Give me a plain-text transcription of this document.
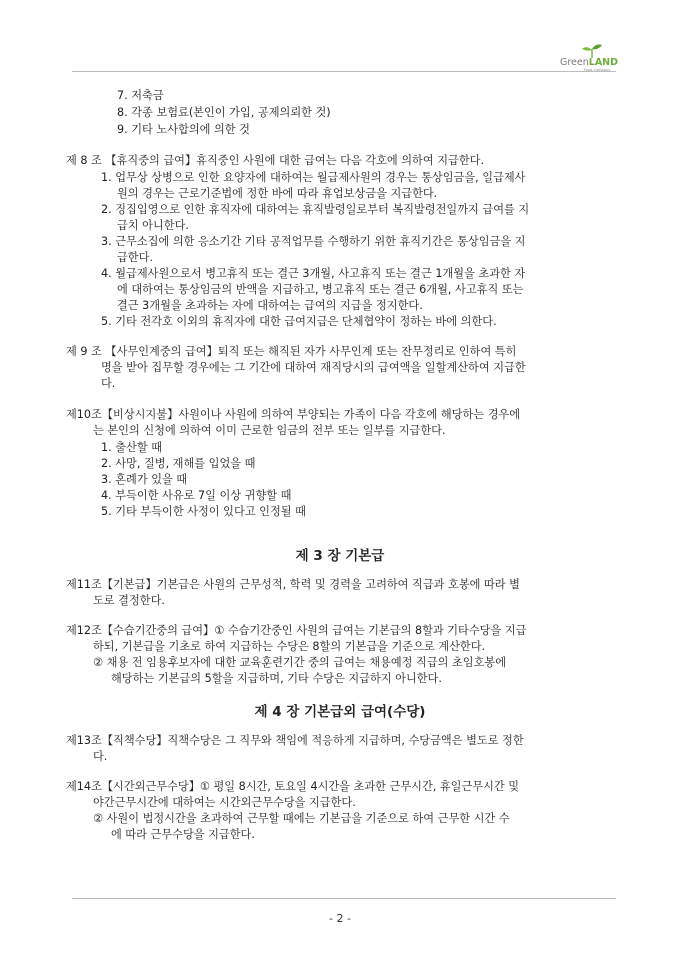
GreenLAND
Food Company
7. 저축금
8. 각종 보험료(본인이 가입, 공제의뢰한 것)
9. 기타 노사합의에 의한 것
제 8 조 【휴직중의 급여】휴직중인 사원에 대한 급여는 다음 각호에 의하여 지급한다.
1. 업무상 상병으로 인한 요양자에 대하여는 월급제사원의 경우는 통상임금을, 일급제사
원의 경우는 근로기준법에 정한 바에 따라 휴업보상금을 지급한다.
2. 징집입영으로 인한 휴직자에 대하여는 휴직발령일로부터 복직발령전일까지 급여를 지
급치 아니한다.
3. 근무소집에 의한 응소기간 기타 공적업무를 수행하기 위한 휴직기간은 통상임금을 지
급한다.
4. 월급제사원으로서 병고휴직 또는 결근 3개월, 사고휴직 또는 결근 1개월을 초과한 자
에 대하여는 통상임금의 반액을 지급하고, 병고휴직 또는 결근 6개월, 사고휴직 또는
결근 3개월을 초과하는 자에 대하여는 급여의 지급을 정지한다.
5. 기타 전각호 이외의 휴직자에 대한 급여지급은 단체협약이 정하는 바에 의한다.
제 9 조 【사무인계중의 급여】퇴직 또는 해직된 자가 사무인계 또는 잔무정리로 인하여 특히
명을 받아 집무할 경우에는 그 기간에 대하여 재직당시의 급여액을 일할계산하여 지급한
다.
제10조【비상시지불】사원이나 사원에 의하여 부양되는 가족이 다음 각호에 해당하는 경우에
는 본인의 신청에 의하여 이미 근로한 임금의 전부 또는 일부를 지급한다.
1. 출산할 때
2. 사망, 질병, 재해를 입었을 때
3. 혼례가 있을 때
4. 부득이한 사유로 7일 이상 귀향할 때
5. 기타 부득이한 사정이 있다고 인정될 때
제 3 장 기본급
제11조【기본급】기본급은 사원의 근무성적, 학력 및 경력을 고려하여 직급과 호봉에 따라 별
도로 결정한다.
제12조【수습기간중의 급여】① 수습기간중인 사원의 급여는 기본급의 8할과 기타수당을 지급
하되, 기본급을 기초로 하여 지급하는 수당은 8할의 기본급을 기준으로 계산한다.
② 채용 전 임용후보자에 대한 교육훈련기간 중의 급여는 채용예정 직급의 초임호봉에
해당하는 기본급의 5할을 지급하며, 기타 수당은 지급하지 아니한다.
제 4 장 기본급외 급여(수당)
제13조【직책수당】직책수당은 그 직무와 책임에 적응하게 지급하며, 수당금액은 별도로 정한
다.
제14조【시간외근무수당】① 평일 8시간, 토요일 4시간을 초과한 근무시간, 휴일근무시간 및
야간근무시간에 대하여는 시간외근무수당을 지급한다.
② 사원이 법정시간을 초과하여 근무할 때에는 기본급을 기준으로 하여 근무한 시간 수
에 따라 근무수당을 지급한다.
- 2 -
